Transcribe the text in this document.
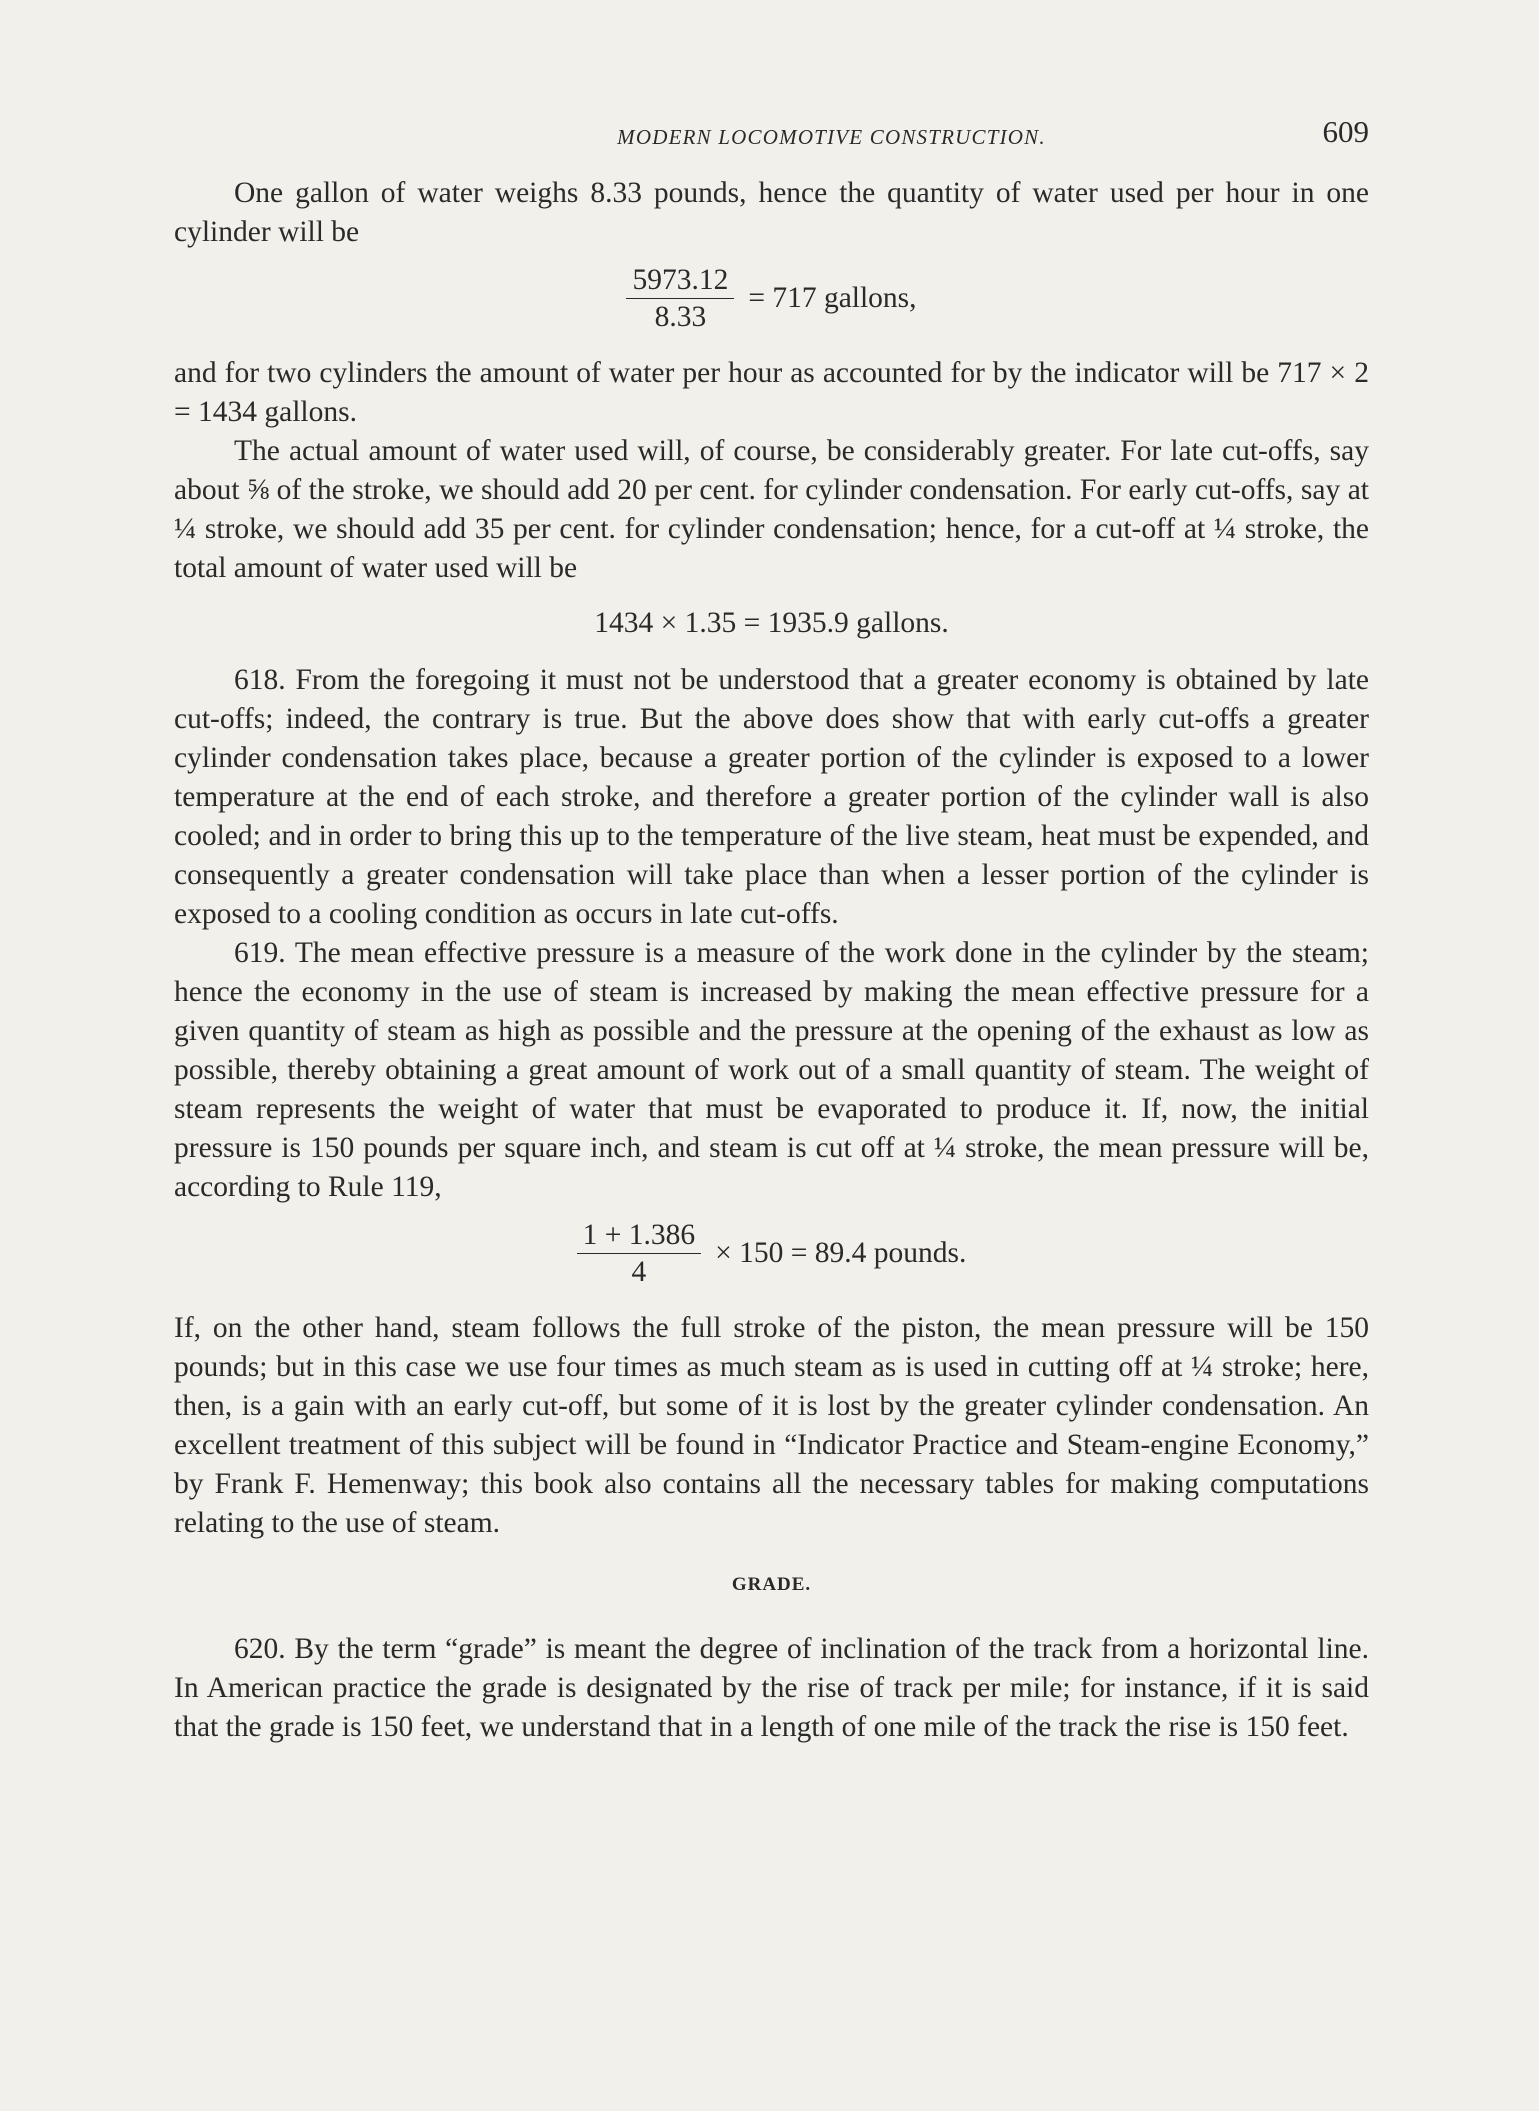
MODERN LOCOMOTIVE CONSTRUCTION.	609

One gallon of water weighs 8.33 pounds, hence the quantity of water used per hour in one cylinder will be

$\frac{5973.12}{8.33} = 717$ gallons,

and for two cylinders the amount of water per hour as accounted for by the indicator will be 717 × 2 = 1434 gallons.

The actual amount of water used will, of course, be considerably greater. For late cut-offs, say about ⅝ of the stroke, we should add 20 per cent. for cylinder condensation. For early cut-offs, say at ¼ stroke, we should add 35 per cent. for cylinder condensation; hence, for a cut-off at ¼ stroke, the total amount of water used will be

1434 × 1.35 = 1935.9 gallons.

618. From the foregoing it must not be understood that a greater economy is obtained by late cut-offs; indeed, the contrary is true. But the above does show that with early cut-offs a greater cylinder condensation takes place, because a greater portion of the cylinder is exposed to a lower temperature at the end of each stroke, and therefore a greater portion of the cylinder wall is also cooled; and in order to bring this up to the temperature of the live steam, heat must be expended, and consequently a greater condensation will take place than when a lesser portion of the cylinder is exposed to a cooling condition as occurs in late cut-offs.

619. The mean effective pressure is a measure of the work done in the cylinder by the steam; hence the economy in the use of steam is increased by making the mean effective pressure for a given quantity of steam as high as possible and the pressure at the opening of the exhaust as low as possible, thereby obtaining a great amount of work out of a small quantity of steam. The weight of steam represents the weight of water that must be evaporated to produce it. If, now, the initial pressure is 150 pounds per square inch, and steam is cut off at ¼ stroke, the mean pressure will be, according to Rule 119,

$\frac{1 + 1.386}{4} \times 150 = 89.4$ pounds.

If, on the other hand, steam follows the full stroke of the piston, the mean pressure will be 150 pounds; but in this case we use four times as much steam as is used in cutting off at ¼ stroke; here, then, is a gain with an early cut-off, but some of it is lost by the greater cylinder condensation. An excellent treatment of this subject will be found in “Indicator Practice and Steam-engine Economy,” by Frank F. Hemenway; this book also contains all the necessary tables for making computations relating to the use of steam.

GRADE.

620. By the term “grade” is meant the degree of inclination of the track from a horizontal line. In American practice the grade is designated by the rise of track per mile; for instance, if it is said that the grade is 150 feet, we understand that in a length of one mile of the track the rise is 150 feet.
